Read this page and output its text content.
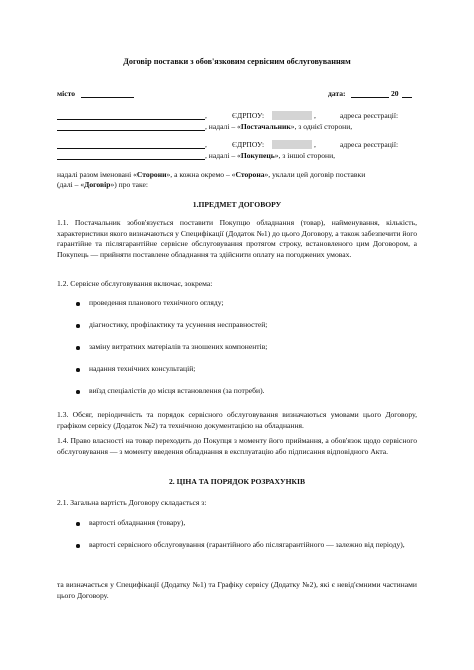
Договір поставки з обов'язковим сервісним обслуговуванням
місто	дата:	20
,	ЄДРПОУ:	,	адреса реєстрації:
, надалі – «Постачальник», з однієї сторони,
,	ЄДРПОУ:	,	адреса реєстрації:
, надалі – «Покупець», з іншої сторони,
надалі разом іменовані «Сторони», а кожна окремо – «Сторона», уклали цей договір поставки
(далі – «Договір») про таке:
1.ПРЕДМЕТ ДОГОВОРУ
1.1. Постачальник зобов'язується поставити Покупцю обладнання (товар), найменування, кількість, характеристики якого визначаються у Специфікації (Додаток №1) до цього Договору, а також забезпечити його гарантійне та післягарантійне сервісне обслуговування протягом строку, встановленого цим Договором, а Покупець — прийняти поставлене обладнання та здійснити оплату на погоджених умовах.
1.2. Сервісне обслуговування включає, зокрема:
проведення планового технічного огляду;
діагностику, профілактику та усунення несправностей;
заміну витратних матеріалів та зношених компонентів;
надання технічних консультацій;
виїзд спеціалістів до місця встановлення (за потреби).
1.3. Обсяг, періодичність та порядок сервісного обслуговування визначаються умовами цього Договору, графіком сервісу (Додаток №2) та технічною документацією на обладнання.
1.4. Право власності на товар переходить до Покупця з моменту його приймання, а обов'язок щодо сервісного обслуговування — з моменту введення обладнання в експлуатацію або підписання відповідного Акта.
2. ЦІНА ТА ПОРЯДОК РОЗРАХУНКІВ
2.1. Загальна вартість Договору складається з:
вартості обладнання (товару),
вартості сервісного обслуговування (гарантійного або післягарантійного — залежно від періоду),
та визначається у Специфікації (Додатку №1) та Графіку сервісу (Додатку №2), які є невід'ємними частинами цього Договору.
